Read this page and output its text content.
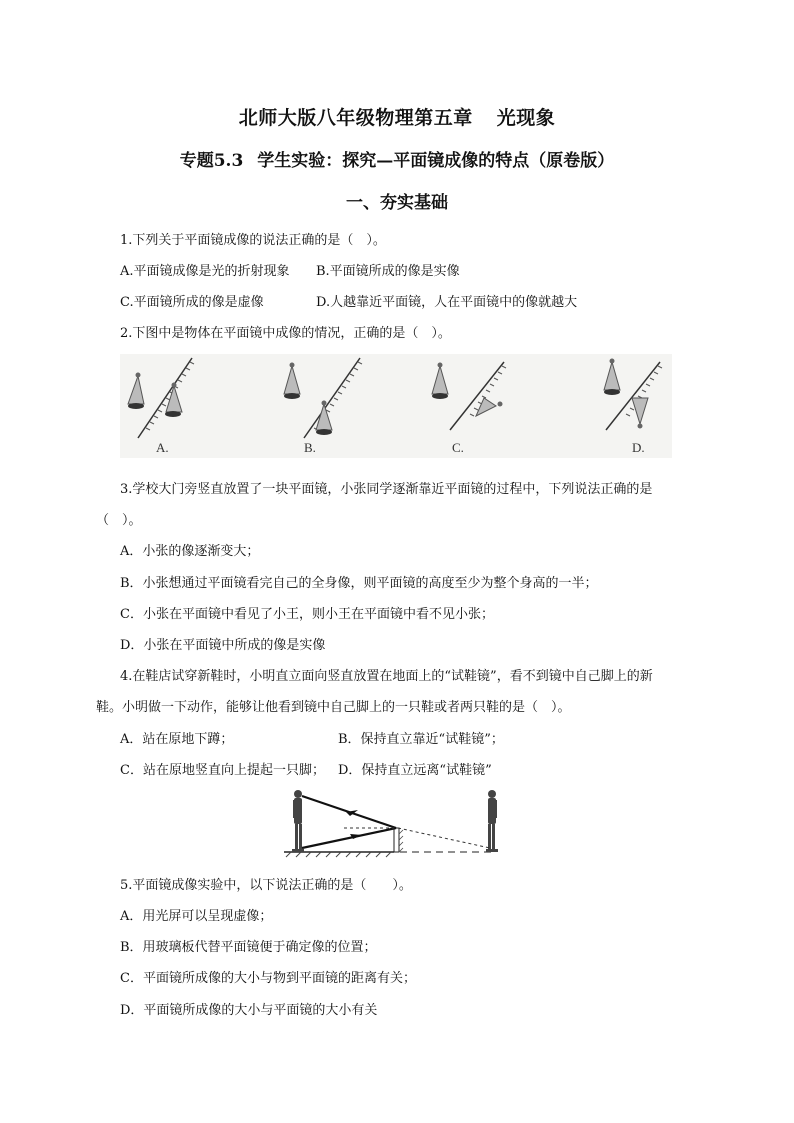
北师大版八年级物理第五章 光现象
专题5.3 学生实验：探究—平面镜成像的特点（原卷版）
一、夯实基础
1.下列关于平面镜成像的说法正确的是（　）。
A.平面镜成像是光的折射现象 B.平面镜所成的像是实像
C.平面镜所成的像是虚像	D.人越靠近平面镜，人在平面镜中的像就越大
2.下图中是物体在平面镜中成像的情况，正确的是（　）。
A.	B.	C.	D.
3.学校大门旁竖直放置了一块平面镜，小张同学逐渐靠近平面镜的过程中，下列说法正确的是
（　）。
A．小张的像逐渐变大；
B．小张想通过平面镜看完自己的全身像，则平面镜的高度至少为整个身高的一半；
C．小张在平面镜中看见了小王，则小王在平面镜中看不见小张；
D．小张在平面镜中所成的像是实像
4.在鞋店试穿新鞋时，小明直立面向竖直放置在地面上的“试鞋镜”，看不到镜中自己脚上的新
鞋。小明做一下动作，能够让他看到镜中自己脚上的一只鞋或者两只鞋的是（　）。
A．站在原地下蹲；	B．保持直立靠近“试鞋镜”；
C．站在原地竖直向上提起一只脚； D．保持直立远离“试鞋镜”
5.平面镜成像实验中，以下说法正确的是（　　）。
A．用光屏可以呈现虚像；
B．用玻璃板代替平面镜便于确定像的位置；
C．平面镜所成像的大小与物到平面镜的距离有关；
D．平面镜所成像的大小与平面镜的大小有关
